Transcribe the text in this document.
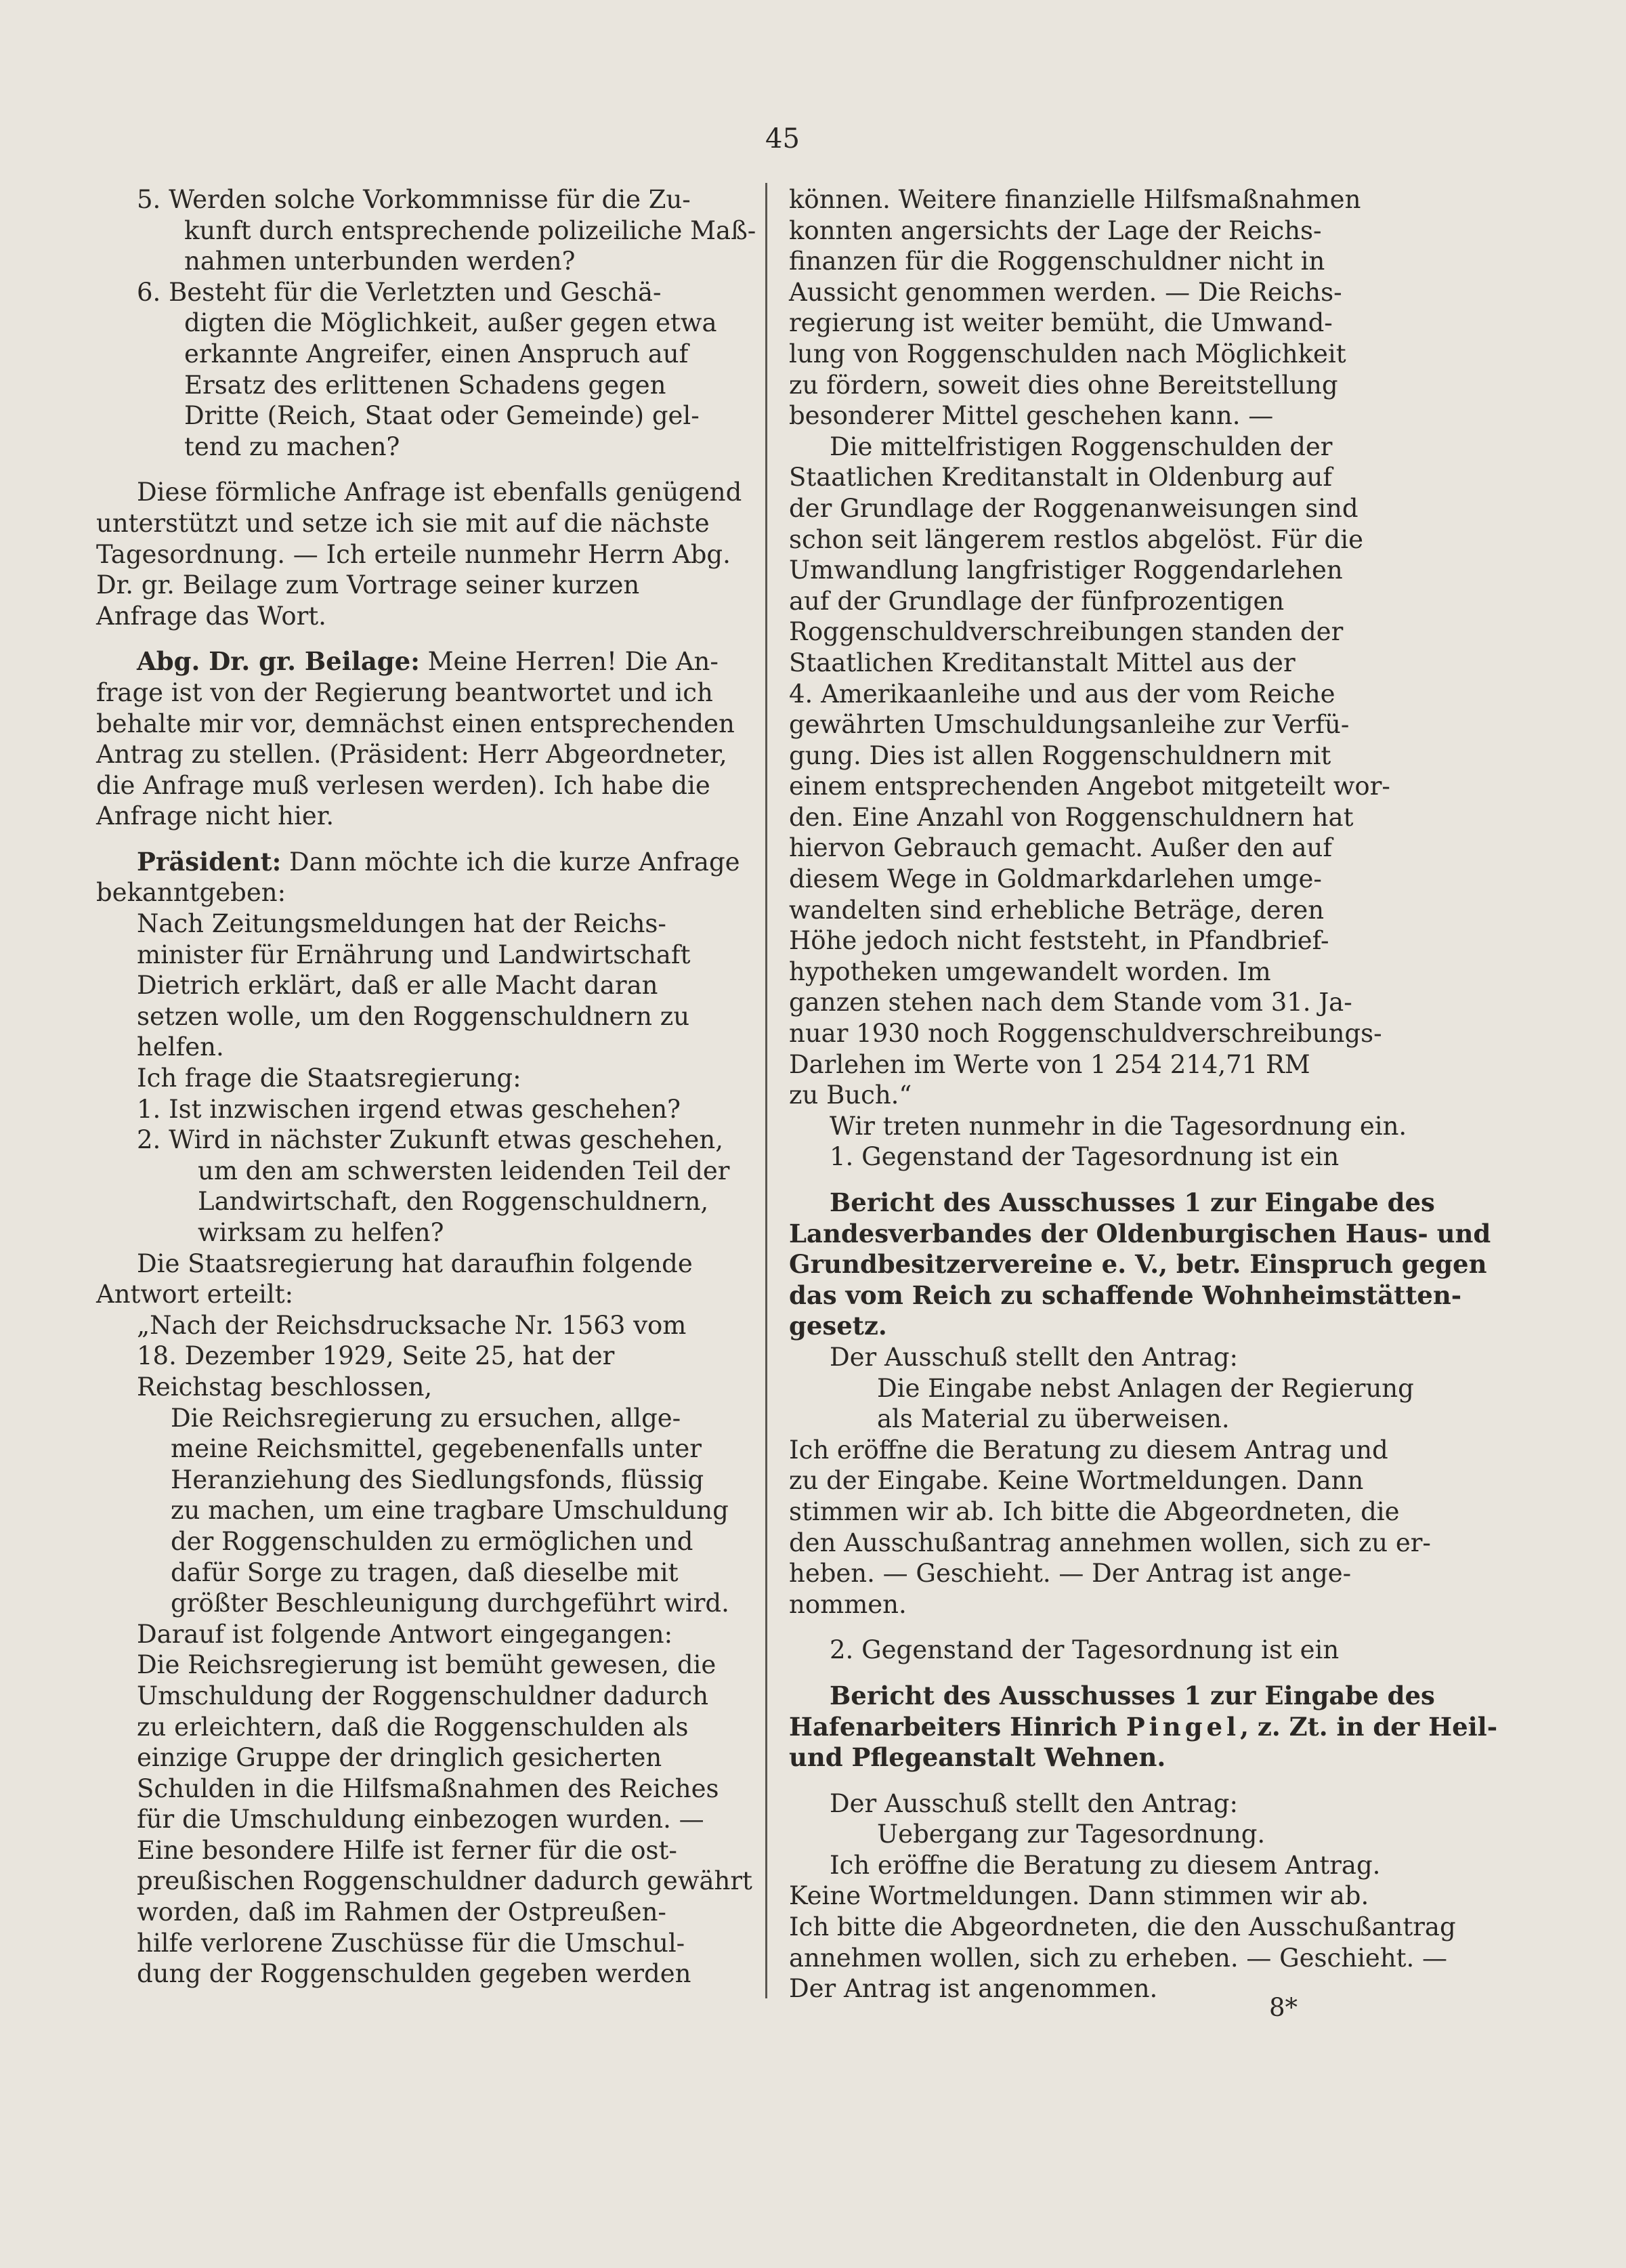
45
5. Werden solche Vorkommnisse für die Zu-
kunft durch entsprechende polizeiliche Maß-
nahmen unterbunden werden?
6. Besteht für die Verletzten und Geschä-
digten die Möglichkeit, außer gegen etwa
erkannte Angreifer, einen Anspruch auf
Ersatz des erlittenen Schadens gegen
Dritte (Reich, Staat oder Gemeinde) gel-
tend zu machen?
Diese förmliche Anfrage ist ebenfalls genügend
unterstützt und setze ich sie mit auf die nächste
Tagesordnung. — Ich erteile nunmehr Herrn Abg.
Dr. gr. Beilage zum Vortrage seiner kurzen
Anfrage das Wort.
Abg. Dr. gr. Beilage: Meine Herren! Die An-
frage ist von der Regierung beantwortet und ich
behalte mir vor, demnächst einen entsprechenden
Antrag zu stellen. (Präsident: Herr Abgeordneter,
die Anfrage muß verlesen werden). Ich habe die
Anfrage nicht hier.
Präsident: Dann möchte ich die kurze Anfrage
bekanntgeben:
Nach Zeitungsmeldungen hat der Reichs-
minister für Ernährung und Landwirtschaft
Dietrich erklärt, daß er alle Macht daran
setzen wolle, um den Roggenschuldnern zu
helfen.
Ich frage die Staatsregierung:
1. Ist inzwischen irgend etwas geschehen?
2. Wird in nächster Zukunft etwas geschehen,
um den am schwersten leidenden Teil der
Landwirtschaft, den Roggenschuldnern,
wirksam zu helfen?
Die Staatsregierung hat daraufhin folgende
Antwort erteilt:
„Nach der Reichsdrucksache Nr. 1563 vom
18. Dezember 1929, Seite 25, hat der
Reichstag beschlossen,
Die Reichsregierung zu ersuchen, allge-
meine Reichsmittel, gegebenenfalls unter
Heranziehung des Siedlungsfonds, flüssig
zu machen, um eine tragbare Umschuldung
der Roggenschulden zu ermöglichen und
dafür Sorge zu tragen, daß dieselbe mit
größter Beschleunigung durchgeführt wird.
Darauf ist folgende Antwort eingegangen:
Die Reichsregierung ist bemüht gewesen, die
Umschuldung der Roggenschuldner dadurch
zu erleichtern, daß die Roggenschulden als
einzige Gruppe der dringlich gesicherten
Schulden in die Hilfsmaßnahmen des Reiches
für die Umschuldung einbezogen wurden. —
Eine besondere Hilfe ist ferner für die ost-
preußischen Roggenschuldner dadurch gewährt
worden, daß im Rahmen der Ostpreußen-
hilfe verlorene Zuschüsse für die Umschul-
dung der Roggenschulden gegeben werden
können. Weitere finanzielle Hilfsmaßnahmen
konnten angersichts der Lage der Reichs-
finanzen für die Roggenschuldner nicht in
Aussicht genommen werden. — Die Reichs-
regierung ist weiter bemüht, die Umwand-
lung von Roggenschulden nach Möglichkeit
zu fördern, soweit dies ohne Bereitstellung
besonderer Mittel geschehen kann. —
Die mittelfristigen Roggenschulden der
Staatlichen Kreditanstalt in Oldenburg auf
der Grundlage der Roggenanweisungen sind
schon seit längerem restlos abgelöst. Für die
Umwandlung langfristiger Roggendarlehen
auf der Grundlage der fünfprozentigen
Roggenschuldverschreibungen standen der
Staatlichen Kreditanstalt Mittel aus der
4. Amerikaanleihe und aus der vom Reiche
gewährten Umschuldungsanleihe zur Verfü-
gung. Dies ist allen Roggenschuldnern mit
einem entsprechenden Angebot mitgeteilt wor-
den. Eine Anzahl von Roggenschuldnern hat
hiervon Gebrauch gemacht. Außer den auf
diesem Wege in Goldmarkdarlehen umge-
wandelten sind erhebliche Beträge, deren
Höhe jedoch nicht feststeht, in Pfandbrief-
hypotheken umgewandelt worden. Im
ganzen stehen nach dem Stande vom 31. Ja-
nuar 1930 noch Roggenschuldverschreibungs-
Darlehen im Werte von 1 254 214,71 RM
zu Buch.“
Wir treten nunmehr in die Tagesordnung ein.
1. Gegenstand der Tagesordnung ist ein
Bericht des Ausschusses 1 zur Eingabe des
Landesverbandes der Oldenburgischen Haus- und
Grundbesitzervereine e. V., betr. Einspruch gegen
das vom Reich zu schaffende Wohnheimstätten-
gesetz.
Der Ausschuß stellt den Antrag:
Die Eingabe nebst Anlagen der Regierung
als Material zu überweisen.
Ich eröffne die Beratung zu diesem Antrag und
zu der Eingabe. Keine Wortmeldungen. Dann
stimmen wir ab. Ich bitte die Abgeordneten, die
den Ausschußantrag annehmen wollen, sich zu er-
heben. — Geschieht. — Der Antrag ist ange-
nommen.
2. Gegenstand der Tagesordnung ist ein
Bericht des Ausschusses 1 zur Eingabe des
Hafenarbeiters Hinrich Pingel, z. Zt. in der Heil-
und Pflegeanstalt Wehnen.
Der Ausschuß stellt den Antrag:
Uebergang zur Tagesordnung.
Ich eröffne die Beratung zu diesem Antrag.
Keine Wortmeldungen. Dann stimmen wir ab.
Ich bitte die Abgeordneten, die den Ausschußantrag
annehmen wollen, sich zu erheben. — Geschieht. —
Der Antrag ist angenommen.
8*
